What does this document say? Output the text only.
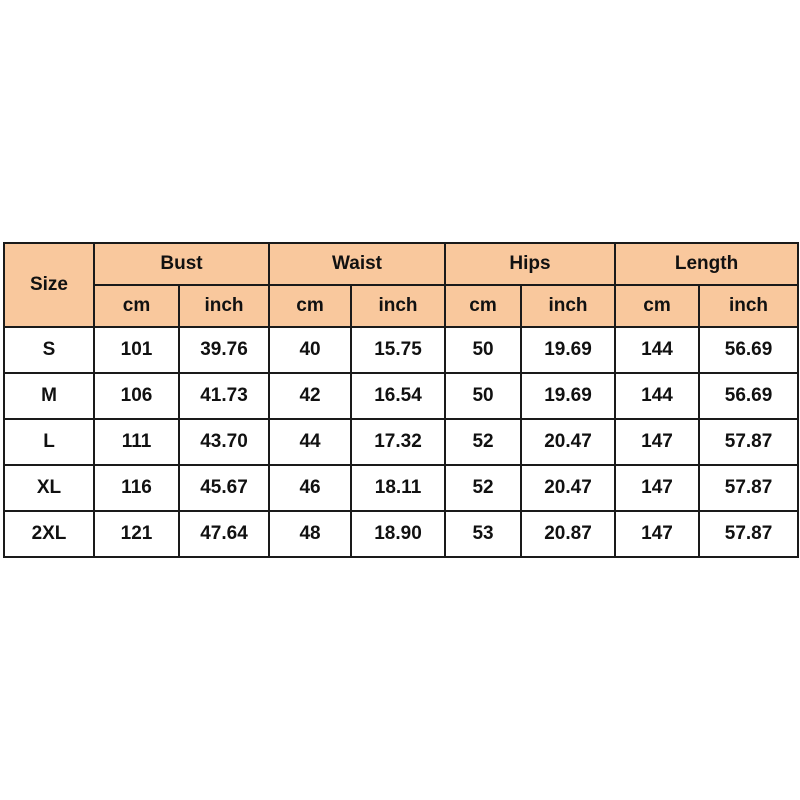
Size	Bust		Waist		Hips		Length	
	cm	inch	cm	inch	cm	inch	cm	inch
S	101	39.76	40	15.75	50	19.69	144	56.69
M	106	41.73	42	16.54	50	19.69	144	56.69
L	111	43.70	44	17.32	52	20.47	147	57.87
XL	116	45.67	46	18.11	52	20.47	147	57.87
2XL	121	47.64	48	18.90	53	20.87	147	57.87
